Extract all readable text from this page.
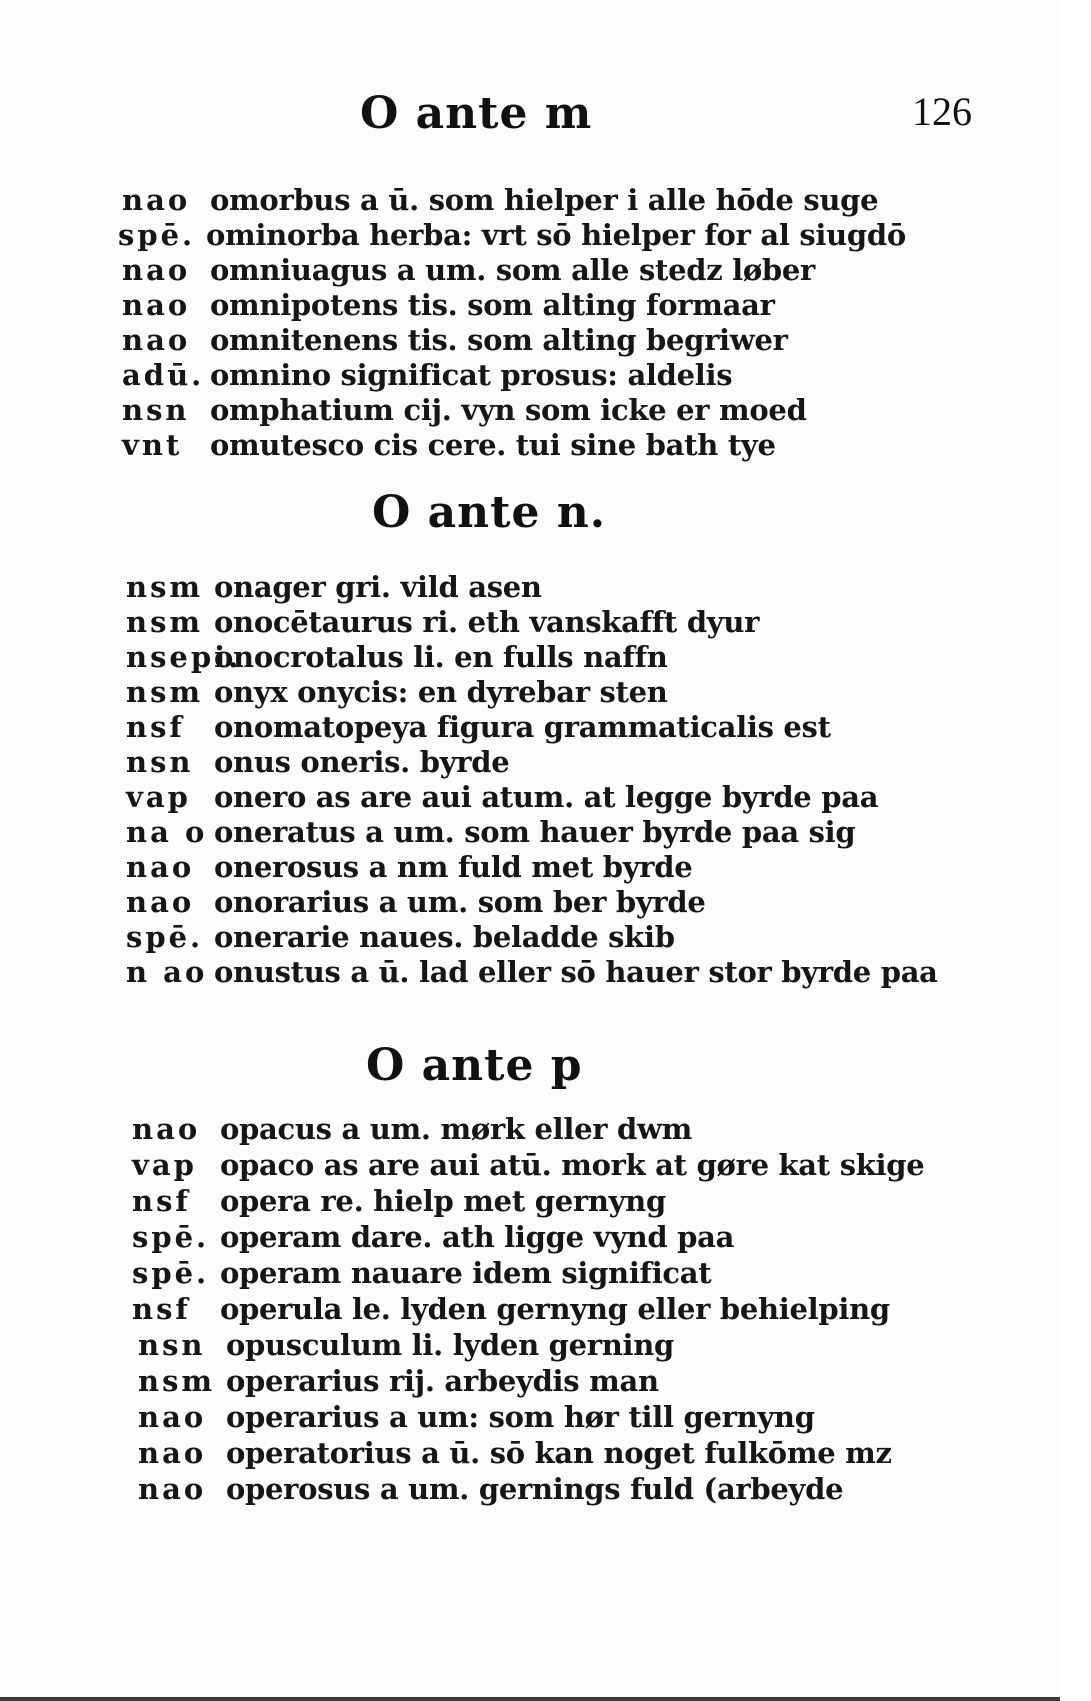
126
O ante m
nao omorbus a ū. som hielper i alle hōde suge
spē. ominorba herba: vrt sō hielper for al siugdō
nao omniuagus a um. som alle stedz løber
nao omnipotens tis. som alting formaar
nao omnitenens tis. som alting begriwer
adū. omnino significat prosus: aldelis
nsn omphatium cij. vyn som icke er moed
vnt omutesco cis cere. tui sine bath tye
O ante n.
nsm onager gri. vild asen
nsm onocētaurus ri. eth vanskafft dyur
nsepi.onocrotalus li. en fulls naffn
nsm onyx onycis: en dyrebar sten
nsf onomatopeya figura grammaticalis est
nsn onus oneris. byrde
vap onero as are aui atum. at legge byrde paa
na o oneratus a um. som hauer byrde paa sig
nao onerosus a nm fuld met byrde
nao onorarius a um. som ber byrde
spē. onerarie naues. beladde skib
n ao onustus a ū. lad eller sō hauer stor byrde paa
O ante p
nao opacus a um. mørk eller dwm
vap opaco as are aui atū. mork at gøre kat skige
nsf opera re. hielp met gernyng
spē. operam dare. ath ligge vynd paa
spē. operam nauare idem significat
nsf operula le. lyden gernyng eller behielping
nsn opusculum li. lyden gerning
nsm operarius rij. arbeydis man
nao operarius a um: som hør till gernyng
nao operatorius a ū. sō kan noget fulkōme mz
nao operosus a um. gernings fuld (arbeyde
